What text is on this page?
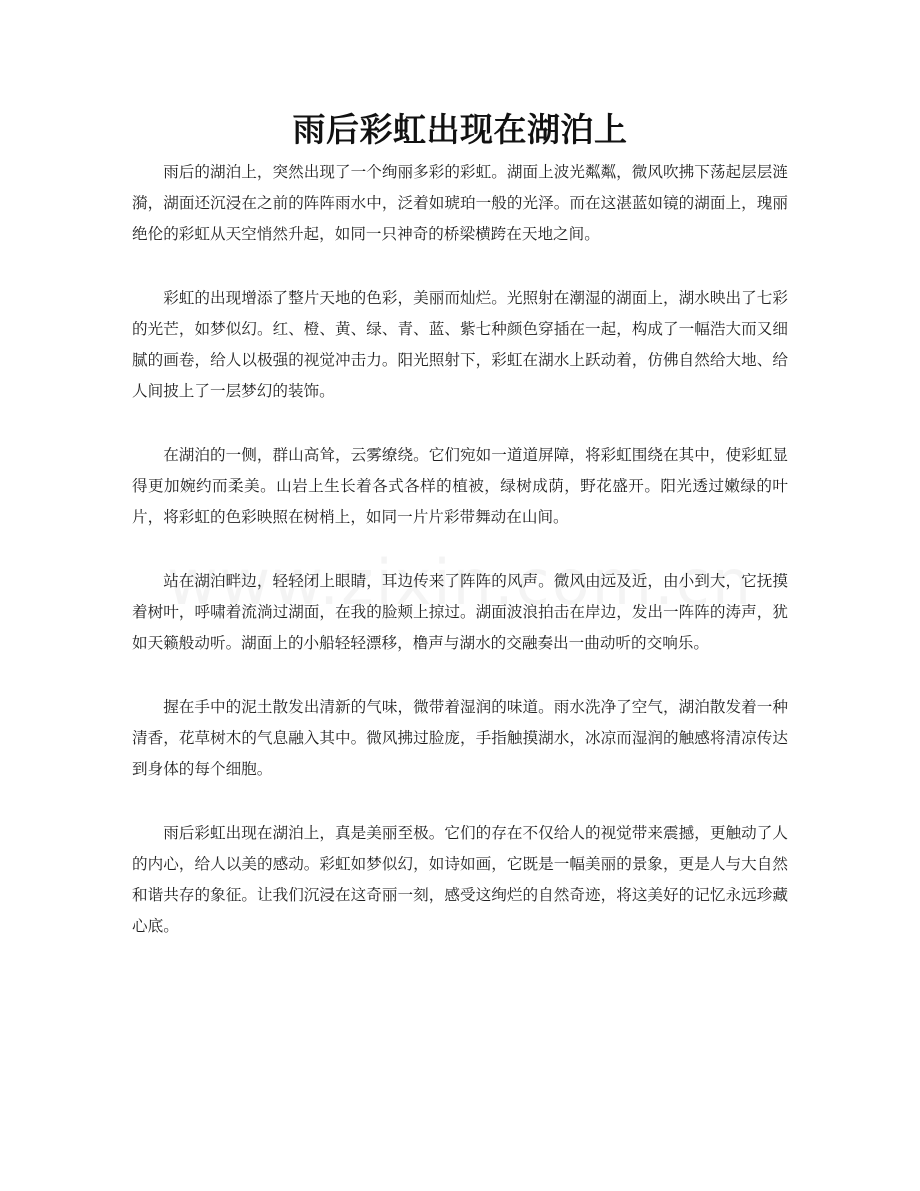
雨后彩虹出现在湖泊上

雨后的湖泊上，突然出现了一个绚丽多彩的彩虹。湖面上波光粼粼，微风吹拂下荡起层层涟漪，湖面还沉浸在之前的阵阵雨水中，泛着如琥珀一般的光泽。而在这湛蓝如镜的湖面上，瑰丽绝伦的彩虹从天空悄然升起，如同一只神奇的桥梁横跨在天地之间。

彩虹的出现增添了整片天地的色彩，美丽而灿烂。光照射在潮湿的湖面上，湖水映出了七彩的光芒，如梦似幻。红、橙、黄、绿、青、蓝、紫七种颜色穿插在一起，构成了一幅浩大而又细腻的画卷，给人以极强的视觉冲击力。阳光照射下，彩虹在湖水上跃动着，仿佛自然给大地、给人间披上了一层梦幻的装饰。

在湖泊的一侧，群山高耸，云雾缭绕。它们宛如一道道屏障，将彩虹围绕在其中，使彩虹显得更加婉约而柔美。山岩上生长着各式各样的植被，绿树成荫，野花盛开。阳光透过嫩绿的叶片，将彩虹的色彩映照在树梢上，如同一片片彩带舞动在山间。

站在湖泊畔边，轻轻闭上眼睛，耳边传来了阵阵的风声。微风由远及近，由小到大，它抚摸着树叶，呼啸着流淌过湖面，在我的脸颊上掠过。湖面波浪拍击在岸边，发出一阵阵的涛声，犹如天籁般动听。湖面上的小船轻轻漂移，橹声与湖水的交融奏出一曲动听的交响乐。

握在手中的泥土散发出清新的气味，微带着湿润的味道。雨水洗净了空气，湖泊散发着一种清香，花草树木的气息融入其中。微风拂过脸庞，手指触摸湖水，冰凉而湿润的触感将清凉传达到身体的每个细胞。

雨后彩虹出现在湖泊上，真是美丽至极。它们的存在不仅给人的视觉带来震撼，更触动了人的内心，给人以美的感动。彩虹如梦似幻，如诗如画，它既是一幅美丽的景象，更是人与大自然和谐共存的象征。让我们沉浸在这奇丽一刻，感受这绚烂的自然奇迹，将这美好的记忆永远珍藏心底。
